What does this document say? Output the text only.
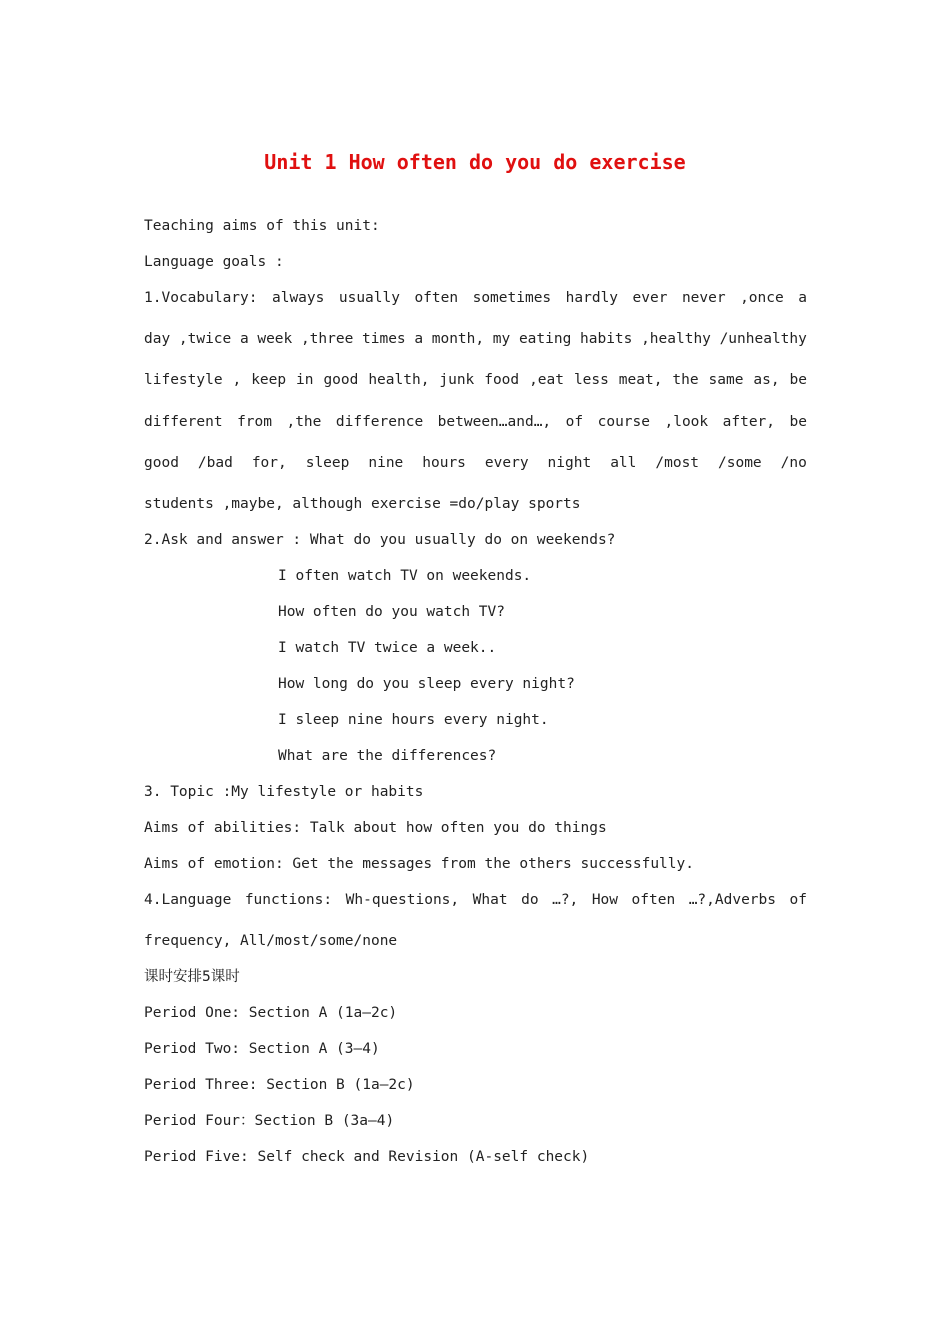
Unit 1 How often do you do exercise
Teaching aims of this unit:
Language goals :
1.Vocabulary: always usually often sometimes hardly ever never ,once a
day ,twice a week ,three times a month, my eating habits ,healthy /unhealthy
lifestyle , keep in good health, junk food ,eat less meat, the same as, be
different from ,the difference between…and…, of course ,look after, be
good /bad for, sleep nine hours every night all /most /some /no
students ,maybe, although exercise =do/play sports
2.Ask and answer : What do you usually do on weekends?
I often watch TV on weekends.
How often do you watch TV?
I watch TV twice a week..
How long do you sleep every night?
I sleep nine hours every night.
What are the differences?
3. Topic :My lifestyle or habits
Aims of abilities: Talk about how often you do things
Aims of emotion: Get the messages from the others successfully.
4.Language functions: Wh-questions, What do …?, How often …?,Adverbs of
frequency, All/most/some/none
课时安排5课时
Period One: Section A (1a—2c)
Period Two: Section A (3—4)
Period Three: Section B (1a—2c)
Period Four：Section B (3a—4)
Period Five: Self check and Revision (A-self check)
